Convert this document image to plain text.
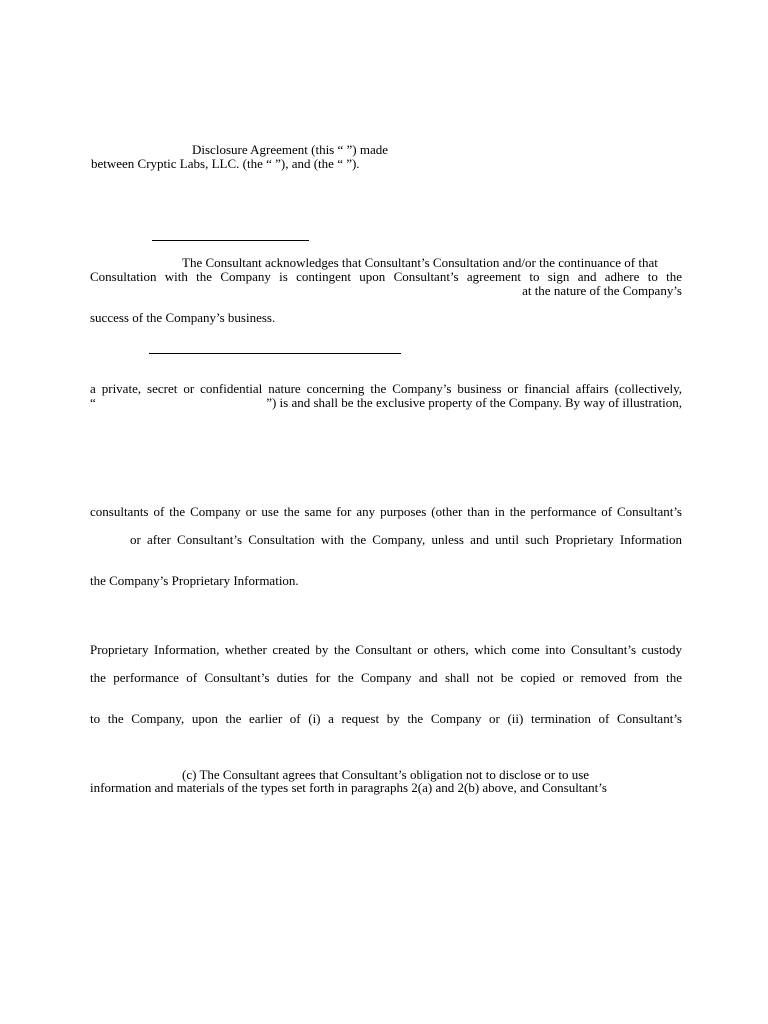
Disclosure Agreement (this “ ”) made
between Cryptic Labs, LLC. (the “ ”), and (the “ ”).
The Consultant acknowledges that Consultant’s Consultation and/or the continuance of that
Consultation with the Company is contingent upon Consultant’s agreement to sign and adhere to the
at the nature of the Company’s
success of the Company’s business.
a private, secret or confidential nature concerning the Company’s business or financial affairs (collectively,
“	”) is and shall be the exclusive property of the Company. By way of illustration,
consultants of the Company or use the same for any purposes (other than in the performance of Consultant’s
or after Consultant’s Consultation with the Company, unless and until such Proprietary Information
the Company’s Proprietary Information.
Proprietary Information, whether created by the Consultant or others, which come into Consultant’s custody
the performance of Consultant’s duties for the Company and shall not be copied or removed from the
to the Company, upon the earlier of (i) a request by the Company or (ii) termination of Consultant’s
(c) The Consultant agrees that Consultant’s obligation not to disclose or to use
information and materials of the types set forth in paragraphs 2(a) and 2(b) above, and Consultant’s
